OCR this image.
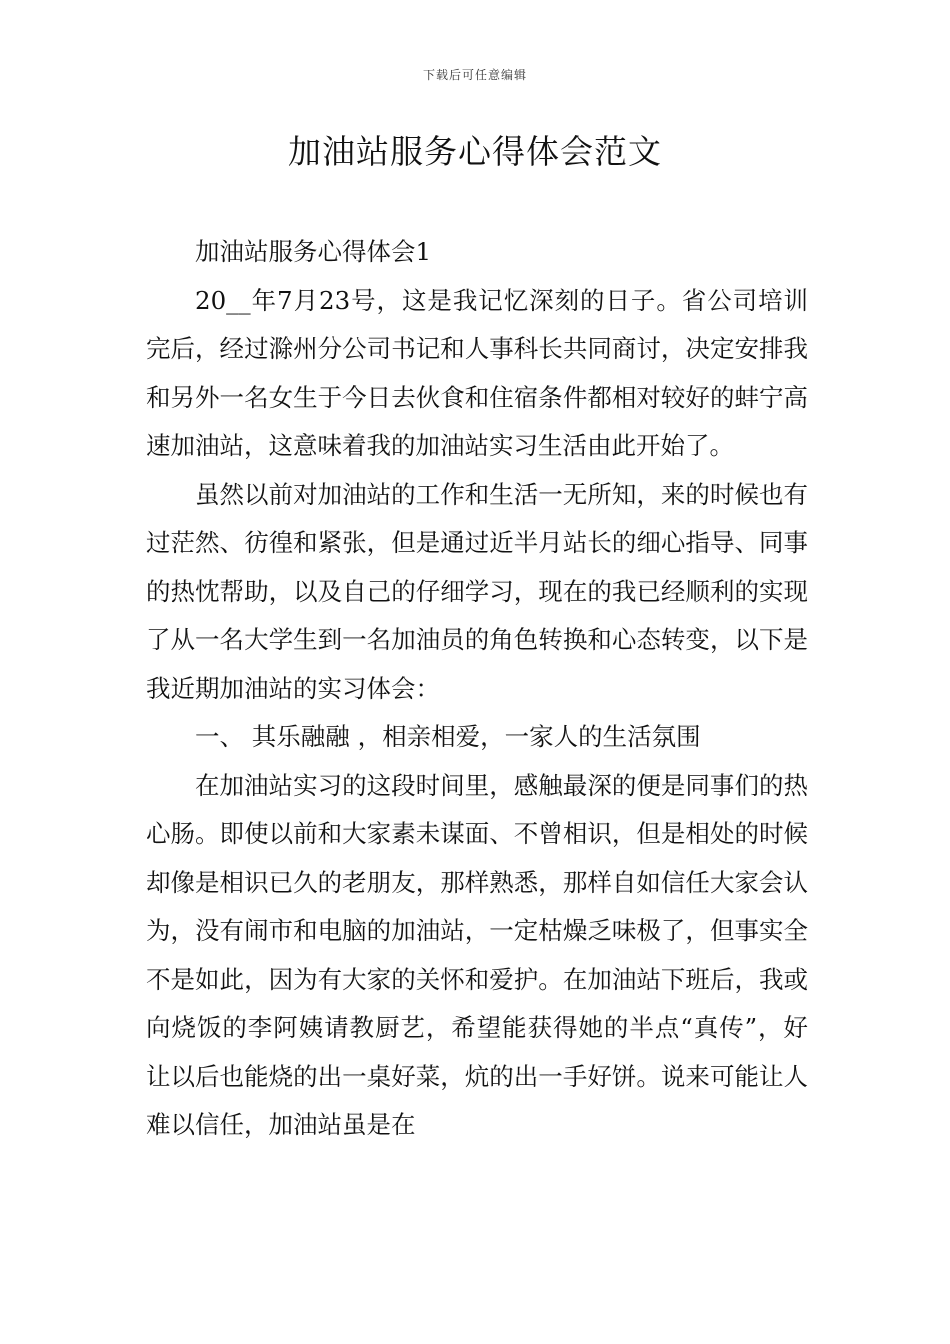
下载后可任意编辑
加油站服务心得体会范文

加油站服务心得体会1

20__年7月23号，这是我记忆深刻的日子。省公司培训完后，经过滁州分公司书记和人事科长共同商讨，决定安排我和另外一名女生于今日去伙食和住宿条件都相对较好的蚌宁高速加油站，这意味着我的加油站实习生活由此开始了。

虽然以前对加油站的工作和生活一无所知，来的时候也有过茫然、彷徨和紧张，但是通过近半月站长的细心指导、同事的热忱帮助，以及自己的仔细学习，现在的我已经顺利的实现了从一名大学生到一名加油员的角色转换和心态转变，以下是我近期加油站的实习体会：

一、 其乐融融 ，相亲相爱，一家人的生活氛围

在加油站实习的这段时间里，感触最深的便是同事们的热心肠。即使以前和大家素未谋面、不曾相识，但是相处的时候却像是相识已久的老朋友，那样熟悉，那样自如信任大家会认为，没有闹市和电脑的加油站，一定枯燥乏味极了，但事实全不是如此，因为有大家的关怀和爱护。在加油站下班后，我或向烧饭的李阿姨请教厨艺，希望能获得她的半点“真传”，好让以后也能烧的出一桌好菜，炕的出一手好饼。说来可能让人难以信任，加油站虽是在
